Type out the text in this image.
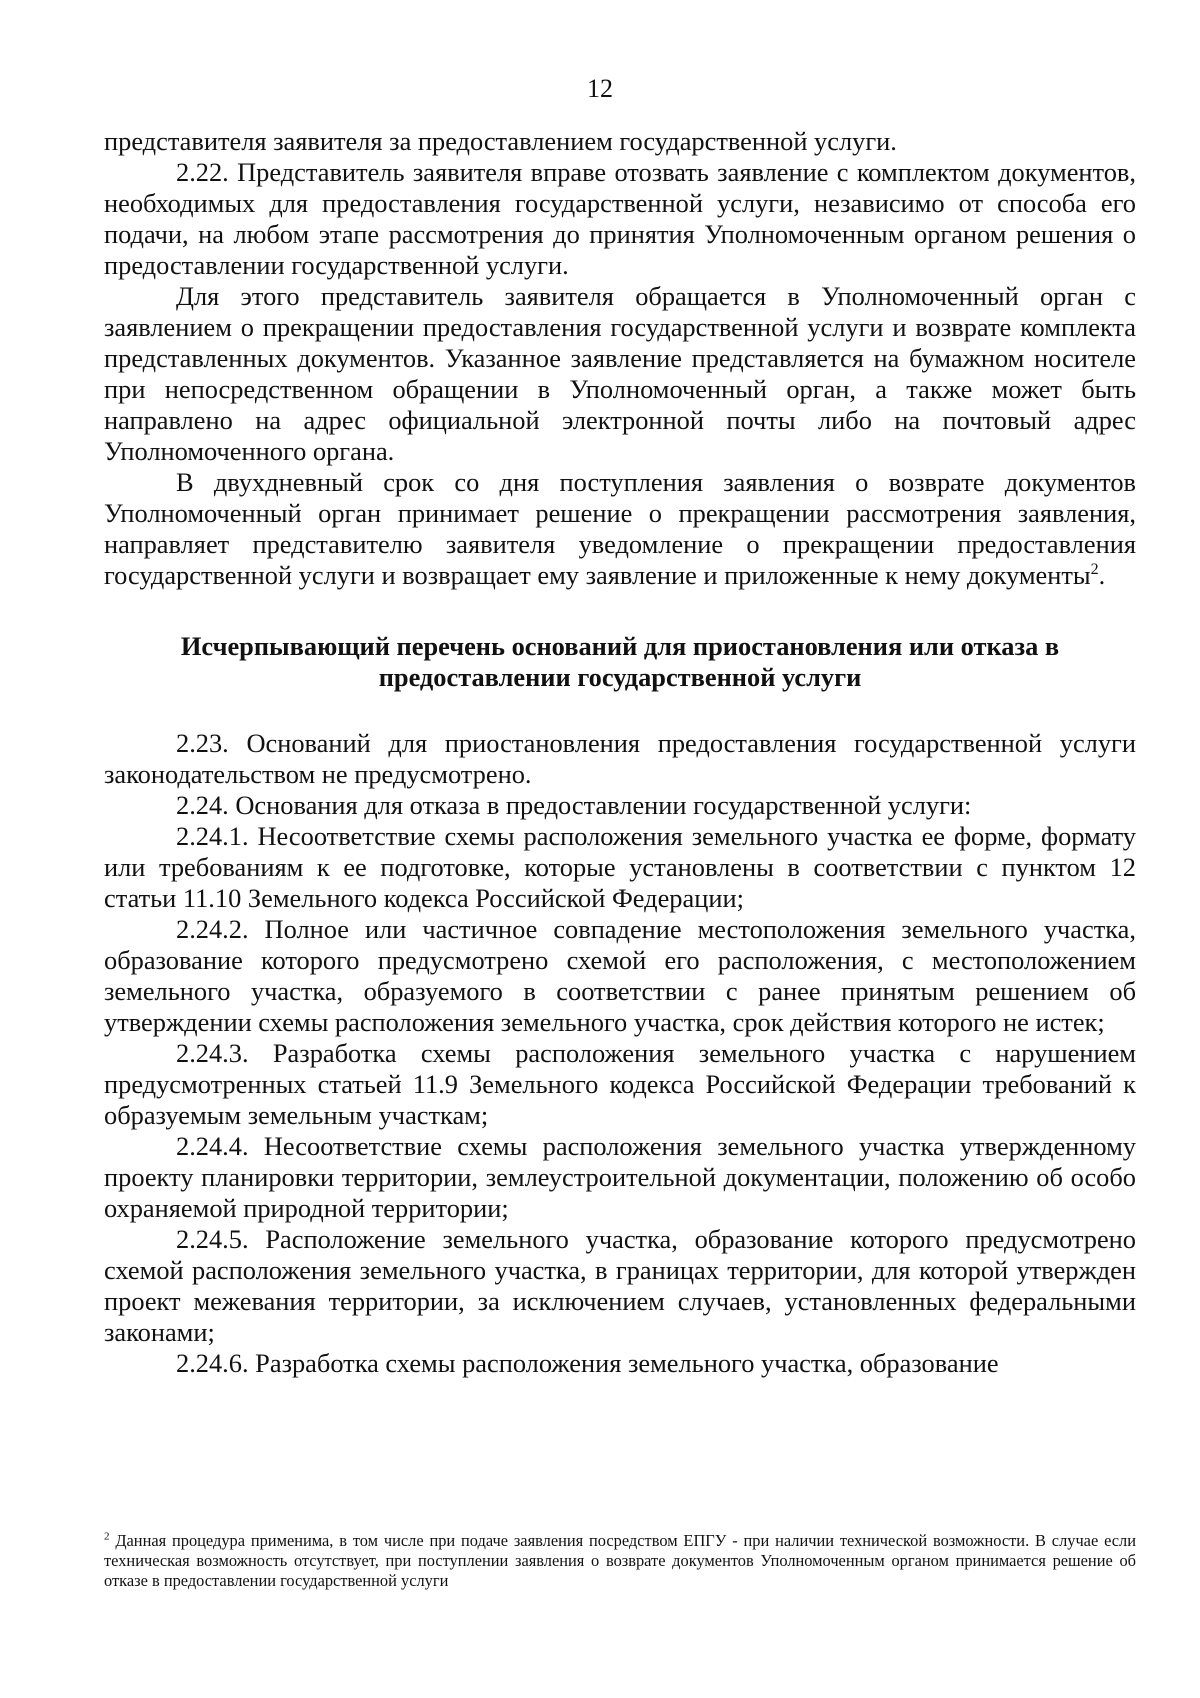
12

представителя заявителя за предоставлением государственной услуги.

2.22. Представитель заявителя вправе отозвать заявление с комплектом документов, необходимых для предоставления государственной услуги, независимо от способа его подачи, на любом этапе рассмотрения до принятия Уполномоченным органом решения о предоставлении государственной услуги.

Для этого представитель заявителя обращается в Уполномоченный орган с заявлением о прекращении предоставления государственной услуги и возврате комплекта представленных документов. Указанное заявление представляется на бумажном носителе при непосредственном обращении в Уполномоченный орган, а также может быть направлено на адрес официальной электронной почты либо на почтовый адрес Уполномоченного органа.

В двухдневный срок со дня поступления заявления о возврате документов Уполномоченный орган принимает решение о прекращении рассмотрения заявления, направляет представителю заявителя уведомление о прекращении предоставления государственной услуги и возвращает ему заявление и приложенные к нему документы$^2$.

Исчерпывающий перечень оснований для приостановления или отказа в предоставлении государственной услуги

2.23. Оснований для приостановления предоставления государственной услуги законодательством не предусмотрено.

2.24. Основания для отказа в предоставлении государственной услуги:

2.24.1. Несоответствие схемы расположения земельного участка ее форме, формату или требованиям к ее подготовке, которые установлены в соответствии с пунктом 12 статьи 11.10 Земельного кодекса Российской Федерации;

2.24.2. Полное или частичное совпадение местоположения земельного участка, образование которого предусмотрено схемой его расположения, с местоположением земельного участка, образуемого в соответствии с ранее принятым решением об утверждении схемы расположения земельного участка, срок действия которого не истек;

2.24.3. Разработка схемы расположения земельного участка с нарушением предусмотренных статьей 11.9 Земельного кодекса Российской Федерации требований к образуемым земельным участкам;

2.24.4. Несоответствие схемы расположения земельного участка утвержденному проекту планировки территории, землеустроительной документации, положению об особо охраняемой природной территории;

2.24.5. Расположение земельного участка, образование которого предусмотрено схемой расположения земельного участка, в границах территории, для которой утвержден проект межевания территории, за исключением случаев, установленных федеральными законами;

2.24.6. Разработка схемы расположения земельного участка, образование

$^2$ Данная процедура применима, в том числе при подаче заявления посредством ЕПГУ - при наличии технической возможности. В случае если техническая возможность отсутствует, при поступлении заявления о возврате документов Уполномоченным органом принимается решение об отказе в предоставлении государственной услуги
